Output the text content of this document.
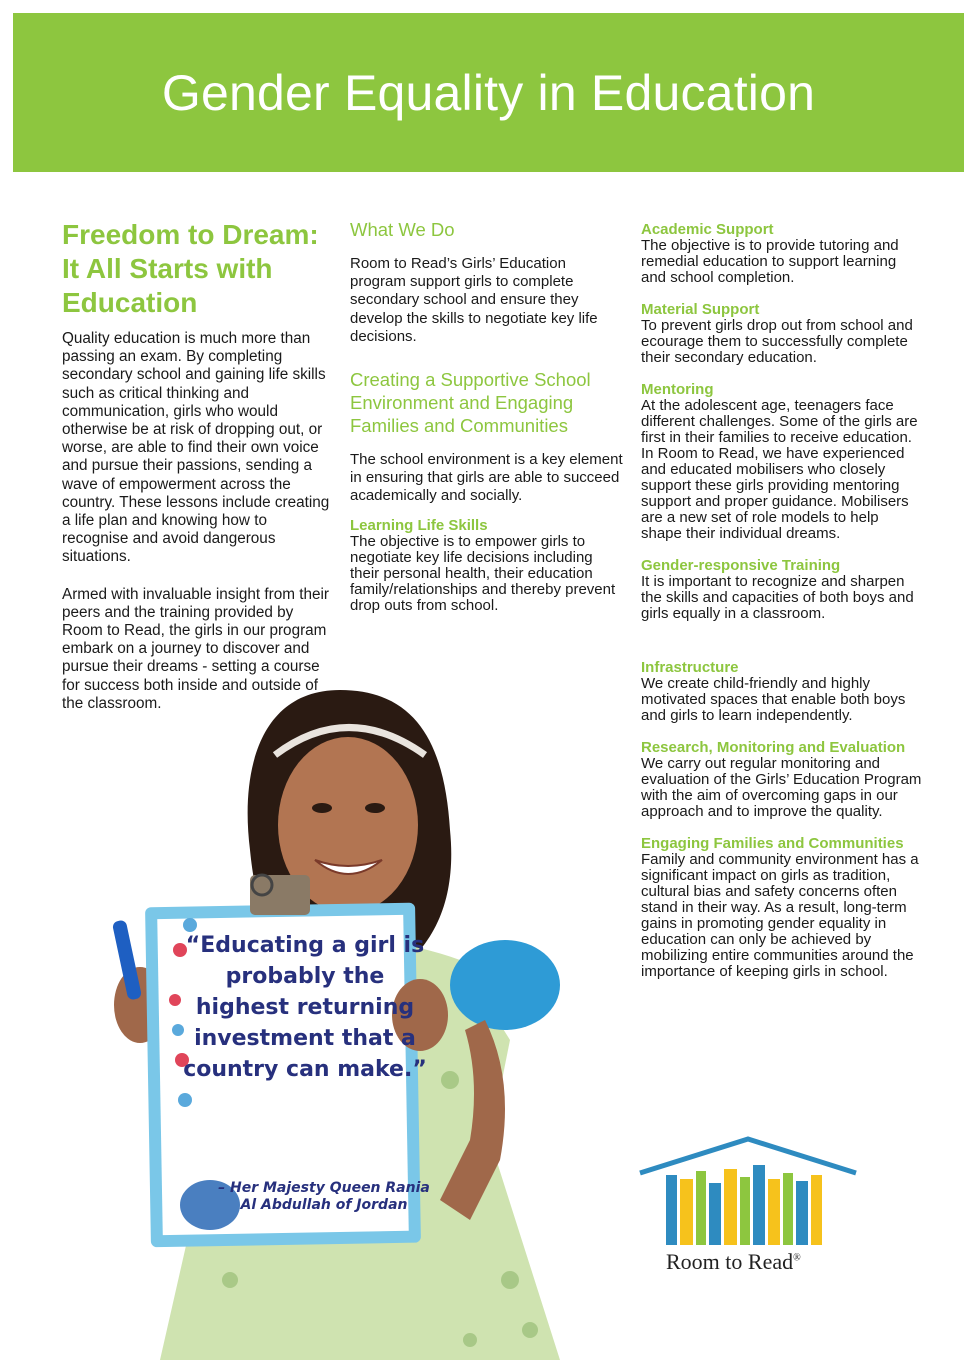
Gender Equality in Education
Freedom to Dream: It All Starts with Education

Quality education is much more than passing an exam. By completing secondary school and gaining life skills such as critical thinking and communication, girls who would otherwise be at risk of dropping out, or worse, are able to find their own voice and pursue their passions, sending a wave of empowerment across the country. These lessons include creating a life plan and knowing how to recognise and avoid dangerous situations.

Armed with invaluable insight from their peers and the training provided by Room to Read, the girls in our program embark on a journey to discover and pursue their dreams - setting a course for success both inside and outside of the classroom.

What We Do

Room to Read’s Girls’ Education program support girls to complete secondary school and ensure they develop the skills to negotiate key life decisions.

Creating a Supportive School Environment and Engaging Families and Communities

The school environment is a key element in ensuring that girls are able to succeed academically and socially.

Learning Life Skills

The objective is to empower girls to negotiate key life decisions including their personal health, their education family/relationships and thereby prevent drop outs from school.

Academic Support
The objective is to provide tutoring and remedial education to support learning and school completion.
Material Support
To prevent girls drop out from school and ecourage them to successfully complete their secondary education.
Mentoring
At the adolescent age, teenagers face different challenges. Some of the girls are first in their families to receive education. In Room to Read, we have experienced and educated mobilisers who closely support these girls providing mentoring support and proper guidance. Mobilisers are a new set of role models to help shape their individual dreams.
Gender-responsive Training
It is important to recognize and sharpen the skills and capacities of both boys and girls equally in a classroom.
Infrastructure
We create child-friendly and highly motivated spaces that enable both boys and girls to learn independently.
Research, Monitoring and Evaluation
We carry out regular monitoring and evaluation of the Girls’ Education Program with the aim of overcoming gaps in our approach and to improve the quality.
Engaging Families and Communities
Family and community environment has a significant impact on girls as tradition, cultural bias and safety concerns often stand in their way. As a result, long-term gains in promoting gender equality in education can only be achieved by mobilizing entire communities around the importance of keeping girls in school.
“Educating a girl is probably the highest returning investment that a country can make.”
– Her Majesty Queen Rania Al Abdullah of Jordan
Room to Read®
